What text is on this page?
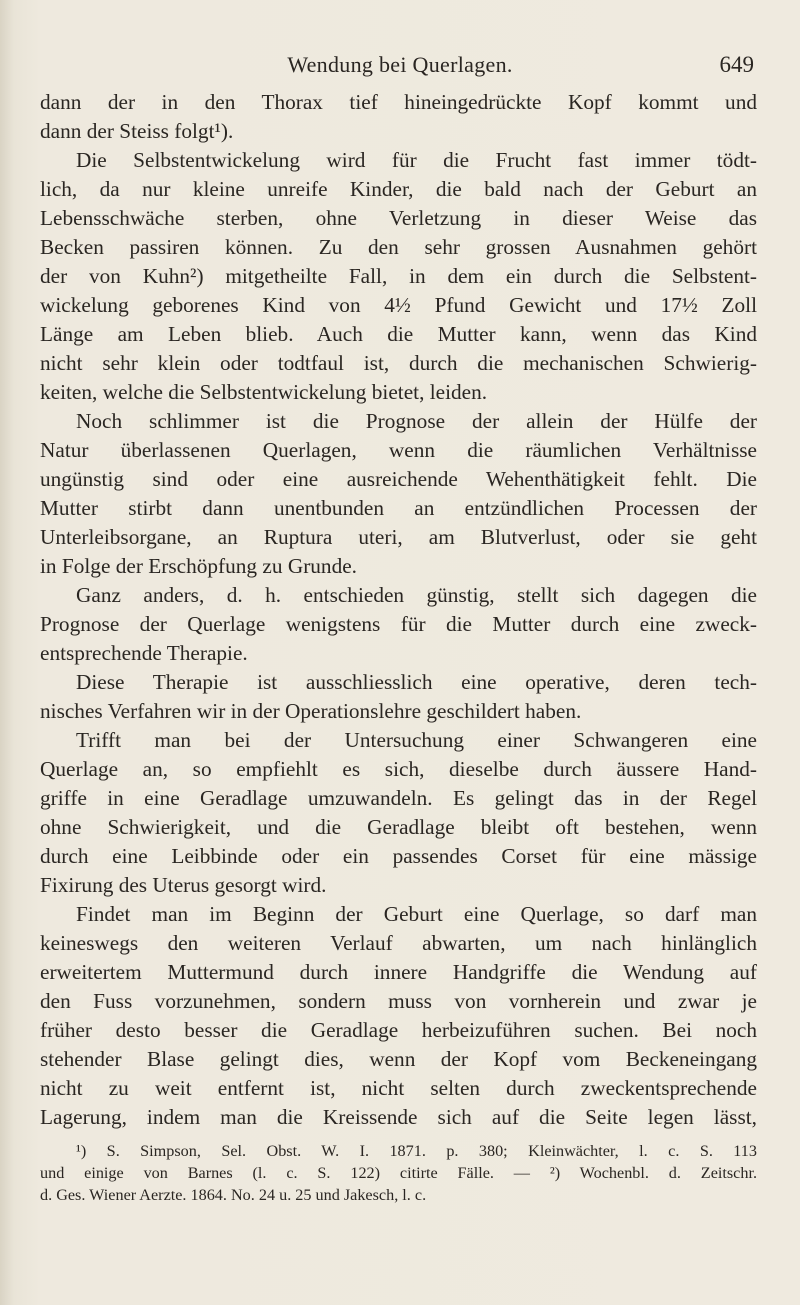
Wendung bei Querlagen.	649
dann der in den Thorax tief hineingedrückte Kopf kommt und
dann der Steiss folgt¹).
Die Selbstentwickelung wird für die Frucht fast immer tödt-
lich, da nur kleine unreife Kinder, die bald nach der Geburt an
Lebensschwäche sterben, ohne Verletzung in dieser Weise das
Becken passiren können. Zu den sehr grossen Ausnahmen gehört
der von Kuhn²) mitgetheilte Fall, in dem ein durch die Selbstent-
wickelung geborenes Kind von 4½ Pfund Gewicht und 17½ Zoll
Länge am Leben blieb. Auch die Mutter kann, wenn das Kind
nicht sehr klein oder todtfaul ist, durch die mechanischen Schwierig-
keiten, welche die Selbstentwickelung bietet, leiden.
Noch schlimmer ist die Prognose der allein der Hülfe der
Natur überlassenen Querlagen, wenn die räumlichen Verhältnisse
ungünstig sind oder eine ausreichende Wehenthätigkeit fehlt. Die
Mutter stirbt dann unentbunden an entzündlichen Processen der
Unterleibsorgane, an Ruptura uteri, am Blutverlust, oder sie geht
in Folge der Erschöpfung zu Grunde.
Ganz anders, d. h. entschieden günstig, stellt sich dagegen die
Prognose der Querlage wenigstens für die Mutter durch eine zweck-
entsprechende Therapie.
Diese Therapie ist ausschliesslich eine operative, deren tech-
nisches Verfahren wir in der Operationslehre geschildert haben.
Trifft man bei der Untersuchung einer Schwangeren eine
Querlage an, so empfiehlt es sich, dieselbe durch äussere Hand-
griffe in eine Geradlage umzuwandeln. Es gelingt das in der Regel
ohne Schwierigkeit, und die Geradlage bleibt oft bestehen, wenn
durch eine Leibbinde oder ein passendes Corset für eine mässige
Fixirung des Uterus gesorgt wird.
Findet man im Beginn der Geburt eine Querlage, so darf man
keineswegs den weiteren Verlauf abwarten, um nach hinlänglich
erweitertem Muttermund durch innere Handgriffe die Wendung auf
den Fuss vorzunehmen, sondern muss von vornherein und zwar je
früher desto besser die Geradlage herbeizuführen suchen. Bei noch
stehender Blase gelingt dies, wenn der Kopf vom Beckeneingang
nicht zu weit entfernt ist, nicht selten durch zweckentsprechende
Lagerung, indem man die Kreissende sich auf die Seite legen lässt,
¹) S. Simpson, Sel. Obst. W. I. 1871. p. 380; Kleinwächter, l. c. S. 113
und einige von Barnes (l. c. S. 122) citirte Fälle. — ²) Wochenbl. d. Zeitschr.
d. Ges. Wiener Aerzte. 1864. No. 24 u. 25 und Jakesch, l. c.
